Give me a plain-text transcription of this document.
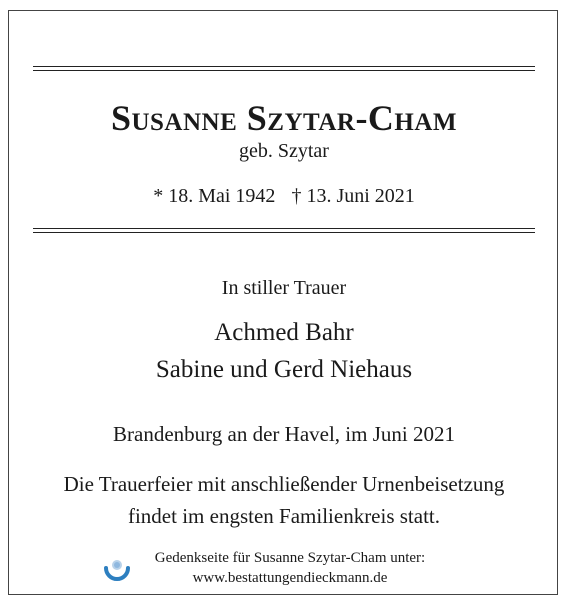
Susanne Szytar-Cham
geb. Szytar
* 18. Mai 1942 † 13. Juni 2021
In stiller Trauer
Achmed Bahr
Sabine und Gerd Niehaus
Brandenburg an der Havel, im Juni 2021
Die Trauerfeier mit anschließender Urnenbeisetzung
findet im engsten Familienkreis statt.
Gedenkseite für Susanne Szytar-Cham unter:
www.bestattungendieckmann.de
